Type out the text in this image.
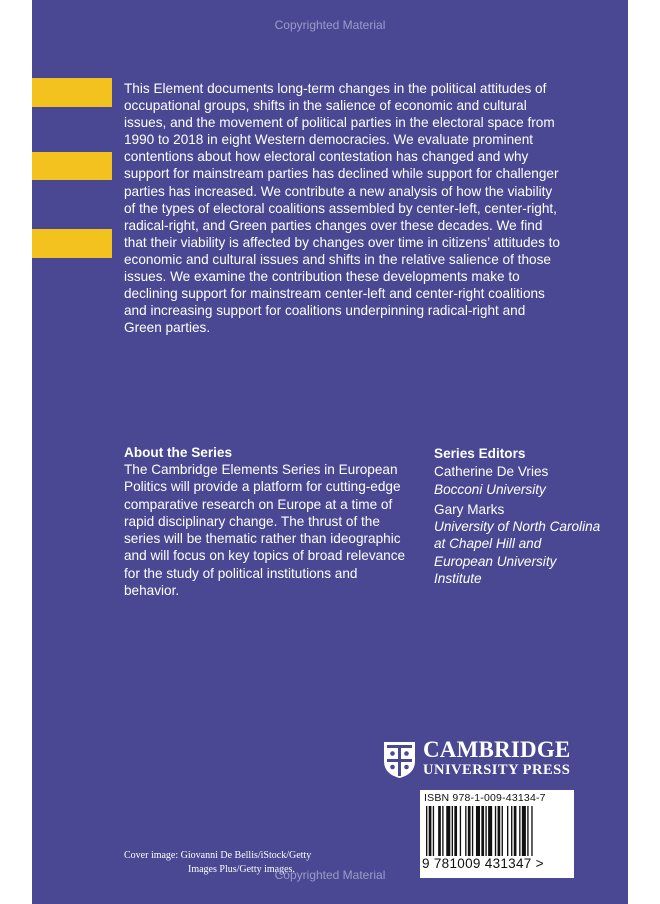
Copyrighted Material

This Element documents long-term changes in the political attitudes of occupational groups, shifts in the salience of economic and cultural issues, and the movement of political parties in the electoral space from 1990 to 2018 in eight Western democracies. We evaluate prominent contentions about how electoral contestation has changed and why support for mainstream parties has declined while support for challenger parties has increased. We contribute a new analysis of how the viability of the types of electoral coalitions assembled by center-left, center-right, radical-right, and Green parties changes over these decades. We find that their viability is affected by changes over time in citizens’ attitudes to economic and cultural issues and shifts in the relative salience of those issues. We examine the contribution these developments make to declining support for mainstream center-left and center-right coalitions and increasing support for coalitions underpinning radical-right and Green parties.

About the Series

The Cambridge Elements Series in European Politics will provide a platform for cutting-edge comparative research on Europe at a time of rapid disciplinary change. The thrust of the series will be thematic rather than ideographic and will focus on key topics of broad relevance for the study of political institutions and behavior.

Series Editors
Catherine De Vries
Bocconi University
Gary Marks
University of North Carolina at Chapel Hill and European University Institute
CAMBRIDGE
UNIVERSITY PRESS
ISBN 978-1-009-43134-7
9 781009 431347 >
Cover image: Giovanni De Bellis/iStock/Getty
Images Plus/Getty images.
Copyrighted Material
